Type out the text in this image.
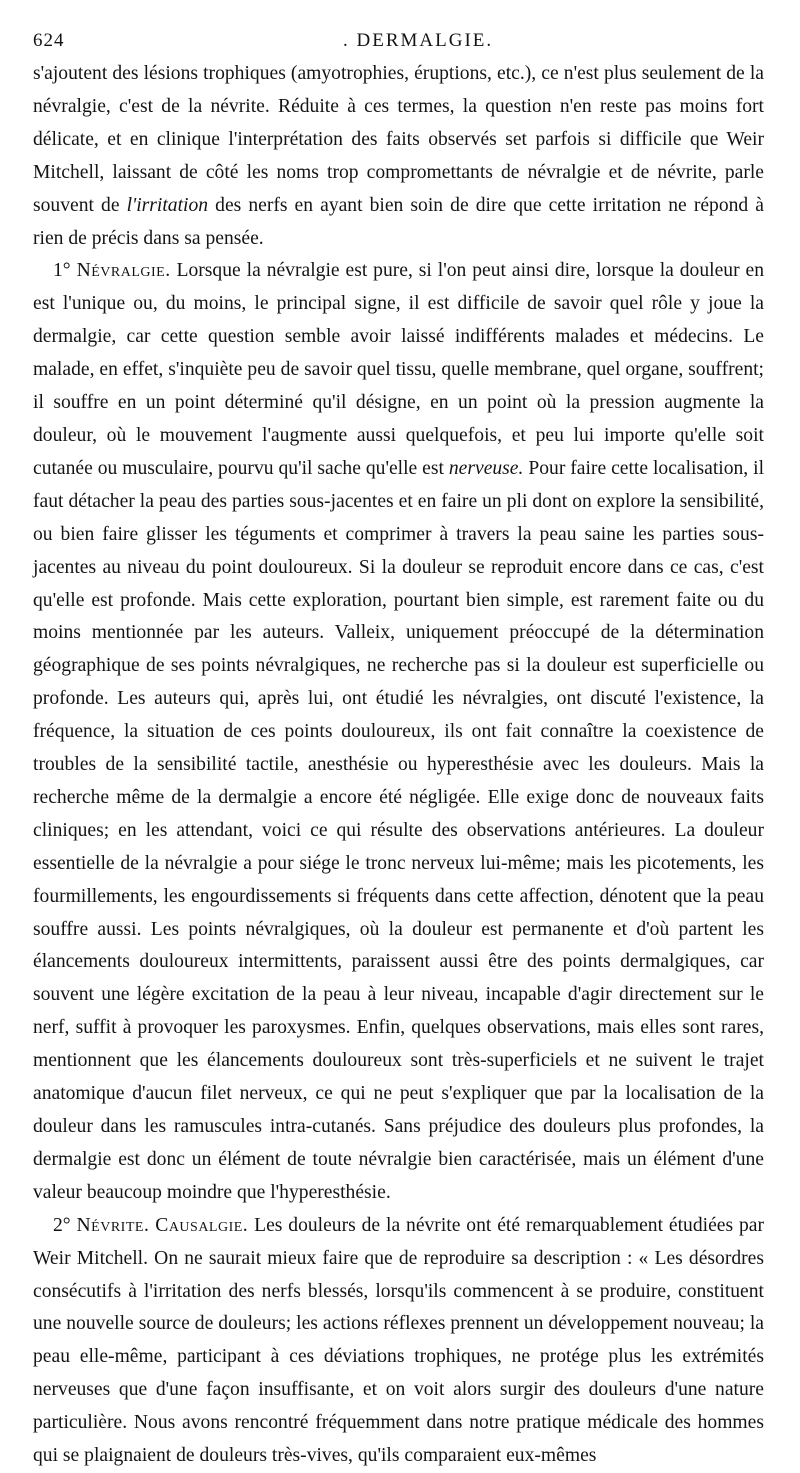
624	. DERMALGIE.

s'ajoutent des lésions trophiques (amyotrophies, éruptions, etc.), ce n'est plus seulement de la névralgie, c'est de la névrite. Réduite à ces termes, la question n'en reste pas moins fort délicate, et en clinique l'interprétation des faits observés set parfois si difficile que Weir Mitchell, laissant de côté les noms trop compromettants de névralgie et de névrite, parle souvent de l'irritation des nerfs en ayant bien soin de dire que cette irritation ne répond à rien de précis dans sa pensée.

1° Névralgie. Lorsque la névralgie est pure, si l'on peut ainsi dire, lorsque la douleur en est l'unique ou, du moins, le principal signe, il est difficile de savoir quel rôle y joue la dermalgie, car cette question semble avoir laissé indifférents malades et médecins. Le malade, en effet, s'inquiète peu de savoir quel tissu, quelle membrane, quel organe, souffrent; il souffre en un point déterminé qu'il désigne, en un point où la pression augmente la douleur, où le mouvement l'augmente aussi quelquefois, et peu lui importe qu'elle soit cutanée ou musculaire, pourvu qu'il sache qu'elle est nerveuse. Pour faire cette localisation, il faut détacher la peau des parties sous-jacentes et en faire un pli dont on explore la sensibilité, ou bien faire glisser les téguments et comprimer à travers la peau saine les parties sous-jacentes au niveau du point douloureux. Si la douleur se reproduit encore dans ce cas, c'est qu'elle est profonde. Mais cette exploration, pourtant bien simple, est rarement faite ou du moins mentionnée par les auteurs. Valleix, uniquement préoccupé de la détermination géographique de ses points névralgiques, ne recherche pas si la douleur est superficielle ou profonde. Les auteurs qui, après lui, ont étudié les névralgies, ont discuté l'existence, la fréquence, la situation de ces points douloureux, ils ont fait connaître la coexistence de troubles de la sensibilité tactile, anesthésie ou hyperesthésie avec les douleurs. Mais la recherche même de la dermalgie a encore été négligée. Elle exige donc de nouveaux faits cliniques; en les attendant, voici ce qui résulte des observations antérieures. La douleur essentielle de la névralgie a pour siége le tronc nerveux lui-même; mais les picotements, les fourmillements, les engourdissements si fréquents dans cette affection, dénotent que la peau souffre aussi. Les points névralgiques, où la douleur est permanente et d'où partent les élancements douloureux intermittents, paraissent aussi être des points dermalgiques, car souvent une légère excitation de la peau à leur niveau, incapable d'agir directement sur le nerf, suffit à provoquer les paroxysmes. Enfin, quelques observations, mais elles sont rares, mentionnent que les élancements douloureux sont très-superficiels et ne suivent le trajet anatomique d'aucun filet nerveux, ce qui ne peut s'expliquer que par la localisation de la douleur dans les ramuscules intra-cutanés. Sans préjudice des douleurs plus profondes, la dermalgie est donc un élément de toute névralgie bien caractérisée, mais un élément d'une valeur beaucoup moindre que l'hyperesthésie.

2° Névrite. Causalgie. Les douleurs de la névrite ont été remarquablement étudiées par Weir Mitchell. On ne saurait mieux faire que de reproduire sa description : « Les désordres consécutifs à l'irritation des nerfs blessés, lorsqu'ils commencent à se produire, constituent une nouvelle source de douleurs; les actions réflexes prennent un développement nouveau; la peau elle-même, participant à ces déviations trophiques, ne protége plus les extrémités nerveuses que d'une façon insuffisante, et on voit alors surgir des douleurs d'une nature particulière. Nous avons rencontré fréquemment dans notre pratique médicale des hommes qui se plaignaient de douleurs très-vives, qu'ils comparaient eux-mêmes
